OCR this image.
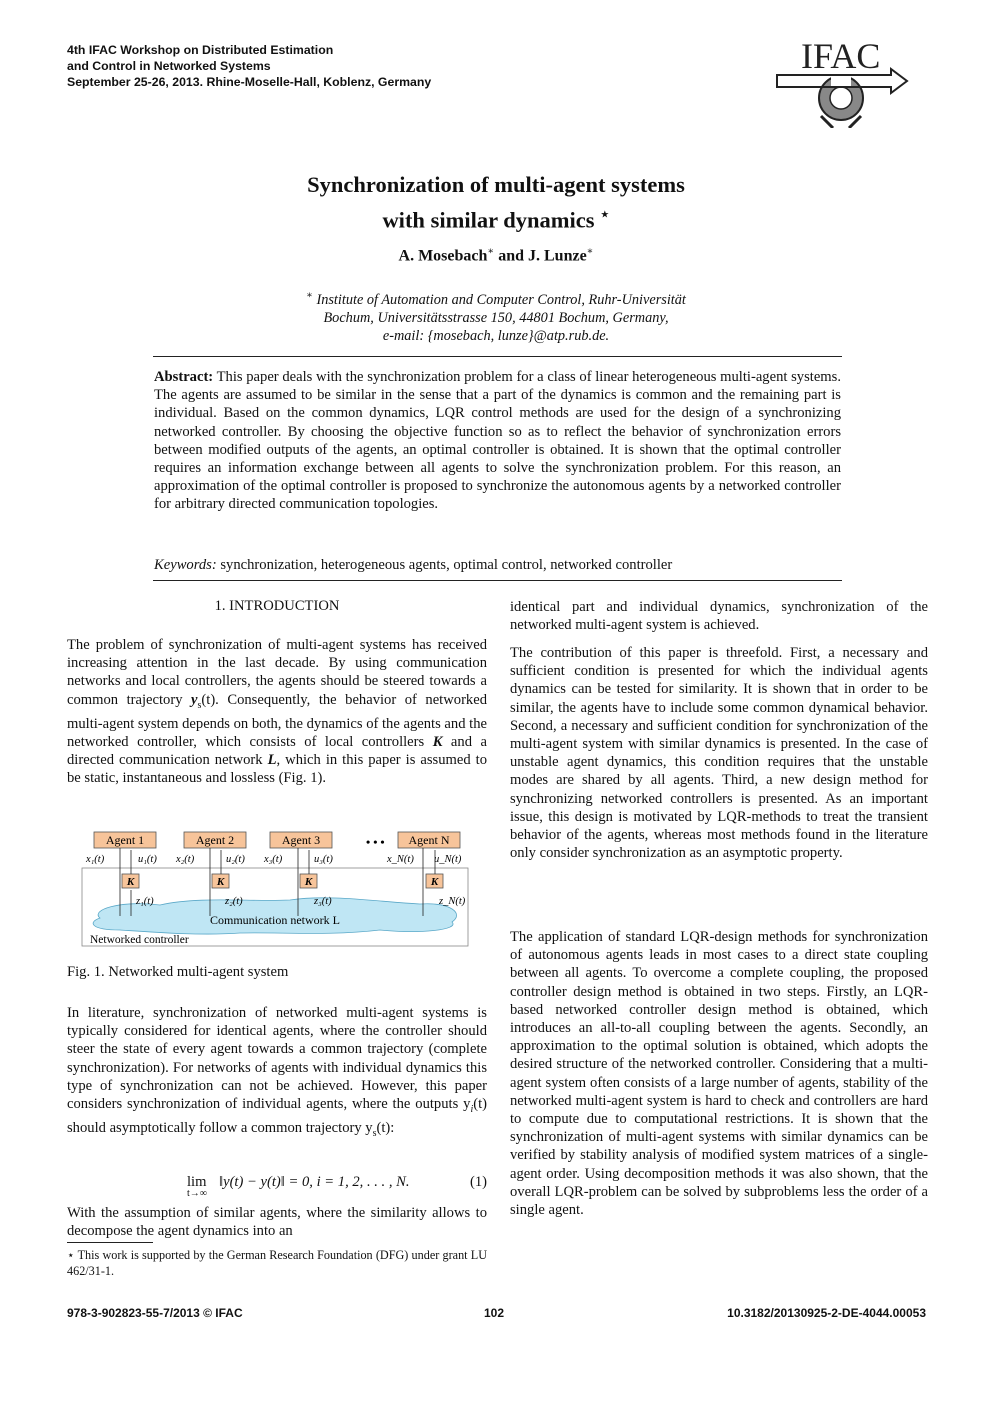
4th IFAC Workshop on Distributed Estimation
and Control in Networked Systems
September 25-26, 2013. Rhine-Moselle-Hall, Koblenz, Germany
IFAC
Synchronization of multi-agent systems
with similar dynamics ⋆
A. Mosebach∗ and J. Lunze∗
∗ Institute of Automation and Computer Control, Ruhr-Universität
Bochum, Universitätsstrasse 150, 44801 Bochum, Germany,
e-mail: {mosebach, lunze}@atp.rub.de.
Abstract: This paper deals with the synchronization problem for a class of linear heterogeneous multi-agent systems. The agents are assumed to be similar in the sense that a part of the dynamics is common and the remaining part is individual. Based on the common dynamics, LQR control methods are used for the design of a synchronizing networked controller. By choosing the objective function so as to reflect the behavior of synchronization errors between modified outputs of the agents, an optimal controller is obtained. It is shown that the optimal controller requires an information exchange between all agents to solve the synchronization problem. For this reason, an approximation of the optimal controller is proposed to synchronize the autonomous agents by a networked controller for arbitrary directed communication topologies.
Keywords: synchronization, heterogeneous agents, optimal control, networked controller
1. INTRODUCTION

The problem of synchronization of multi-agent systems has received increasing attention in the last decade. By using communication networks and local controllers, the agents should be steered towards a common trajectory $y_s(t)$. Consequently, the behavior of networked multi-agent system depends on both, the dynamics of the agents and the networked controller, which consists of local controllers K and a directed communication network L, which in this paper is assumed to be static, instantaneous and lossless (Fig. 1).

Communication network L
Networked controller
Agent 1
x₁(t)	u₁(t)
K
z₁(t)
Agent 2
x₂(t)	u₂(t)
K
z₂(t)
Agent 3
x₃(t)	u₃(t)
K
z₃(t)
• • • Agent N
x_N(t) u_N(t)
K
z_N(t)
Fig. 1. Networked multi-agent system

In literature, synchronization of networked multi-agent systems is typically considered for identical agents, where the controller should steer the state of every agent towards a common trajectory (complete synchronization). For networks of agents with individual dynamics this type of synchronization can not be achieved. However, this paper considers synchronization of individual agents, where the outputs $y_i(t)$ should asymptotically follow a common trajectory $y_s(t)$:

lim
t→∞
‖y(t) − y(t)‖ = 0, i = 1, 2, . . . , N.	(1)

With the assumption of similar agents, where the similarity allows to decompose the agent dynamics into an

⋆ This work is supported by the German Research Foundation (DFG) under grant LU 462/31-1.

identical part and individual dynamics, synchronization of the networked multi-agent system is achieved.

The contribution of this paper is threefold. First, a necessary and sufficient condition is presented for which the individual agents dynamics can be tested for similarity. It is shown that in order to be similar, the agents have to include some common dynamical behavior. Second, a necessary and sufficient condition for synchronization of the multi-agent system with similar dynamics is presented. In the case of unstable agent dynamics, this condition requires that the unstable modes are shared by all agents. Third, a new design method for synchronizing networked controllers is presented. As an important issue, this design is motivated by LQR-methods to treat the transient behavior of the agents, whereas most methods found in the literature only consider synchronization as an asymptotic property.

The application of standard LQR-design methods for synchronization of autonomous agents leads in most cases to a direct state coupling between all agents. To overcome a complete coupling, the proposed controller design method is obtained in two steps. Firstly, an LQR-based networked controller design method is obtained, which introduces an all-to-all coupling between the agents. Secondly, an approximation to the optimal solution is obtained, which adopts the desired structure of the networked controller. Considering that a multi-agent system often consists of a large number of agents, stability of the networked multi-agent system is hard to check and controllers are hard to compute due to computational restrictions. It is shown that the synchronization of multi-agent systems with similar dynamics can be verified by stability analysis of modified system matrices of a single-agent order. Using decomposition methods it was also shown, that the overall LQR-problem can be solved by subproblems less the order of a single agent.

978-3-902823-55-7/2013 © IFAC	102	10.3182/20130925-2-DE-4044.00053
